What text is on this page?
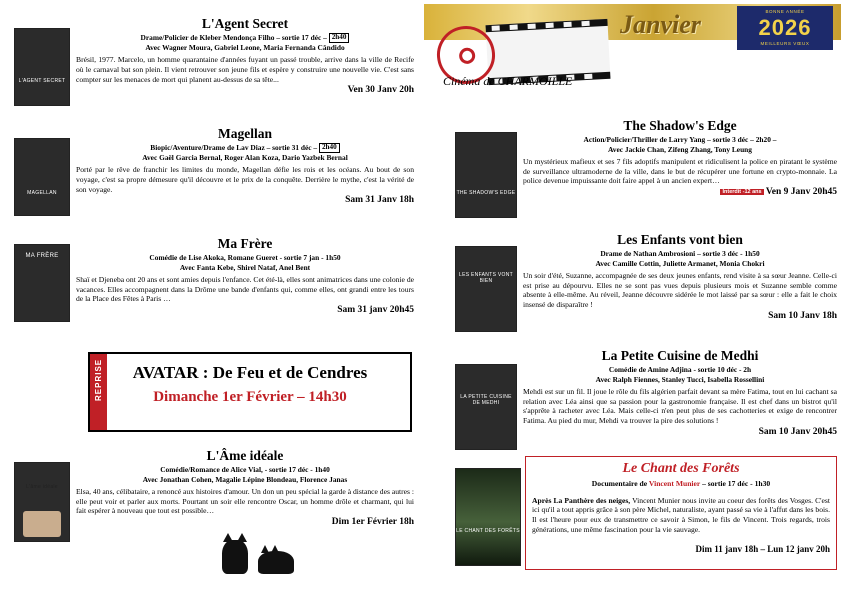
Janvier	BONNE ANNÉE
2026
MEILLEURS VŒUX
Cinéma de CHARMOILLE
L'AGENT SECRET
L'Agent Secret

Drame/Policier de Kleber Mendonça Filho – sortie 17 déc – 2h40

Avec Wagner Moura, Gabriel Leone, Maria Fernanda Cândido

Brésil, 1977. Marcelo, un homme quarantaine d'années fuyant un passé trouble, arrive dans la ville de Recife où le carnaval bat son plein. Il vient retrouver son jeune fils et espère y construire une nouvelle vie. C'est sans compter sur les menaces de mort qui planent au-dessus de sa tête...

Ven 30 Janv 20h
MAGELLAN
Magellan

Biopic/Aventure/Drame de Lav Diaz – sortie 31 déc – 2h40

Avec Gaël Garcia Bernal, Roger Alan Koza, Dario Yazbek Bernal

Porté par le rêve de franchir les limites du monde, Magellan défie les rois et les océans. Au bout de son voyage, c'est sa propre démesure qu'il découvre et le prix de la conquête. Derrière le mythe, c'est la vérité de son voyage.

Sam 31 Janv 18h
MA FRÈRE
Ma Frère

Comédie de Lise Akoka, Romane Gueret - sortie 7 jan - 1h50

Avec Fanta Kebe, Shirel Nataf, Anel Bent

Shaï et Djeneba ont 20 ans et sont amies depuis l'enfance. Cet été-là, elles sont animatrices dans une colonie de vacances. Elles accompagnent dans la Drôme une bande d'enfants qui, comme elles, ont grandi entre les tours de la Place des Fêtes à Paris …

Sam 31 janv 20h45
REPRISE	AVATAR : De Feu et de Cendres
Dimanche 1er Février – 14h30
L'âme idéale
L'Âme idéale

Comédie/Romance de Alice Vial, - sortie 17 déc - 1h40

Avec Jonathan Cohen, Magalie Lépine Blondeau, Florence Janas

Elsa, 40 ans, célibataire, a renoncé aux histoires d'amour. Un don un peu spécial la garde à distance des autres : elle peut voir et parler aux morts. Pourtant un soir elle rencontre Oscar, un homme drôle et charmant, qui lui fait espérer à nouveau que tout est possible…

Dim 1er Février 18h
THE SHADOW'S EDGE
The Shadow's Edge

Action/Policier/Thriller de Larry Yang – sortie 3 déc – 2h20 –

Avec Jackie Chan, Zifeng Zhang, Tony Leung

Un mystérieux mafieux et ses 7 fils adoptifs manipulent et ridiculisent la police en piratant le système de surveillance ultramoderne de la ville, dans le but de récupérer une fortune en crypto-monnaie. La police devenue impuissante doit faire appel à un ancien expert…

Interdit -12 ans Ven 9 Janv 20h45
LES ENFANTS VONT BIEN
Les Enfants vont bien

Drame de Nathan Ambrosioni – sortie 3 déc - 1h50

Avec Camille Cottin, Juliette Armanet, Monia Chokri

Un soir d'été, Suzanne, accompagnée de ses deux jeunes enfants, rend visite à sa sœur Jeanne. Celle-ci est prise au dépourvu. Elles ne se sont pas vues depuis plusieurs mois et Suzanne semble comme absente à elle-même. Au réveil, Jeanne découvre sidérée le mot laissé par sa sœur : elle a fait le choix insensé de disparaître !

Sam 10 Janv 18h
LA PETITE CUISINE DE MEDHI
La Petite Cuisine de Medhi

Comédie de Amine Adjina - sortie 10 déc - 2h

Avec Ralph Fiennes, Stanley Tucci, Isabella Rossellini

Mehdi est sur un fil. Il joue le rôle du fils algérien parfait devant sa mère Fatima, tout en lui cachant sa relation avec Léa ainsi que sa passion pour la gastronomie française. Il est chef dans un bistrot qu'il s'apprête à racheter avec Léa. Mais celle-ci n'en peut plus de ses cachotteries et exige de rencontrer Fatima. Au pied du mur, Mehdi va trouver la pire des solutions !

Sam 10 Janv 20h45
LE CHANT DES FORÊTS
Le Chant des Forêts

Documentaire de Vincent Munier – sortie 17 déc - 1h30

Après La Panthère des neiges, Vincent Munier nous invite au coeur des forêts des Vosges. C'est ici qu'il a tout appris grâce à son père Michel, naturaliste, ayant passé sa vie à l'affut dans les bois. Il est l'heure pour eux de transmettre ce savoir à Simon, le fils de Vincent. Trois regards, trois générations, une même fascination pour la vie sauvage.

Dim 11 janv 18h – Lun 12 janv 20h
